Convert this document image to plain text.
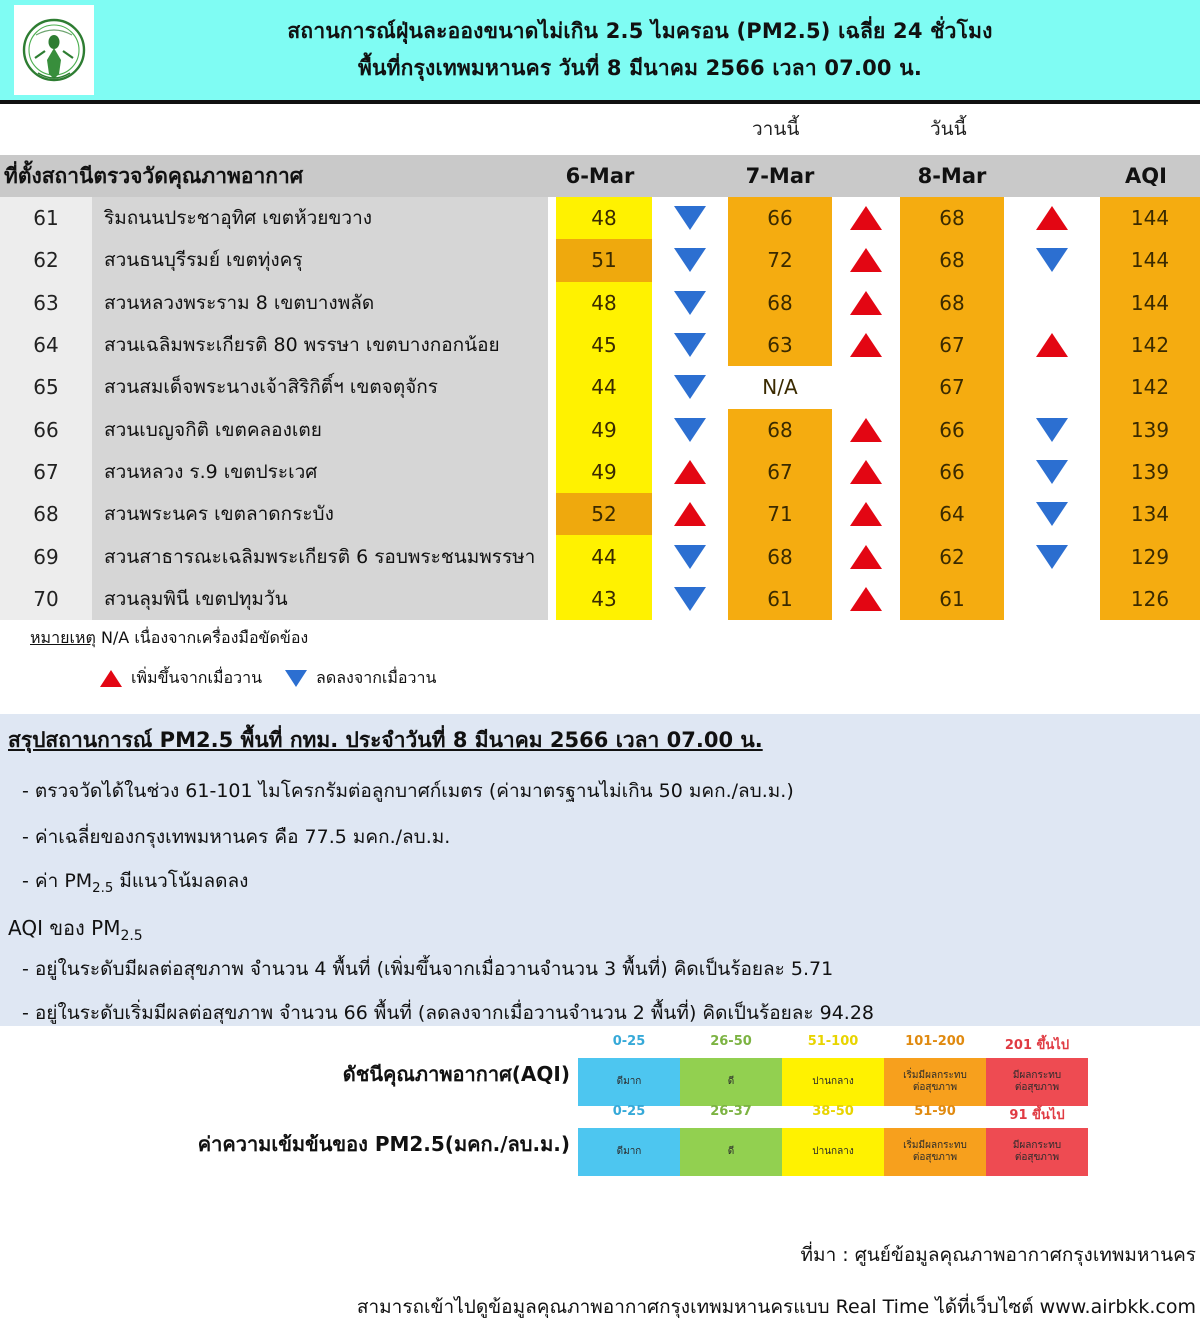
สถานการณ์ฝุ่นละอองขนาดไม่เกิน 2.5 ไมครอน (PM2.5) เฉลี่ย 24 ชั่วโมง
พื้นที่กรุงเทพมหานคร วันที่ 8 มีนาคม 2566 เวลา 07.00 น.
วานนี้	วันนี้
ที่ตั้งสถานีตรวจวัดคุณภาพอากาศ	6-Mar	7-Mar	8-Mar	AQI
61	ริมถนนประชาอุทิศ เขตห้วยขวาง	48	66	68	144
62	สวนธนบุรีรมย์ เขตทุ่งครุ	51	72	68	144
63	สวนหลวงพระราม 8 เขตบางพลัด	48	68	68	144
64	สวนเฉลิมพระเกียรติ 80 พรรษา เขตบางกอกน้อย	45	63	67	142
65	สวนสมเด็จพระนางเจ้าสิริกิติ์ฯ เขตจตุจักร	44	N/A	67	142
66	สวนเบญจกิติ เขตคลองเตย	49	68	66	139
67	สวนหลวง ร.9 เขตประเวศ	49	67	66	139
68	สวนพระนคร เขตลาดกระบัง	52	71	64	134
69	สวนสาธารณะเฉลิมพระเกียรติ 6 รอบพระชนมพรรษา	44	68	62	129
70	สวนลุมพินี เขตปทุมวัน	43	61	61	126
หมายเหตุ N/A เนื่องจากเครื่องมือขัดข้อง
เพิ่มขึ้นจากเมื่อวาน	ลดลงจากเมื่อวาน
สรุปสถานการณ์ PM2.5 พื้นที่ กทม. ประจำวันที่ 8 มีนาคม 2566 เวลา 07.00 น.
- ตรวจวัดได้ในช่วง 61-101 ไมโครกรัมต่อลูกบาศก์เมตร (ค่ามาตรฐานไม่เกิน 50 มคก./ลบ.ม.)
- ค่าเฉลี่ยของกรุงเทพมหานคร คือ 77.5 มคก./ลบ.ม.
- ค่า $PM_{2.5}$ มีแนวโน้มลดลง
AQI ของ $PM_{2.5}$
- อยู่ในระดับมีผลต่อสุขภาพ จำนวน 4 พื้นที่ (เพิ่มขึ้นจากเมื่อวานจำนวน 3 พื้นที่) คิดเป็นร้อยละ 5.71
- อยู่ในระดับเริ่มมีผลต่อสุขภาพ จำนวน 66 พื้นที่ (ลดลงจากเมื่อวานจำนวน 2 พื้นที่) คิดเป็นร้อยละ 94.28
ดัชนีคุณภาพอากาศ(AQI)
0-25	26-50	51-100	101-200	201 ขึ้นไป
ดีมาก	ดี	ปานกลาง
เริ่มมีผลกระทบ
ต่อสุขภาพ
มีผลกระทบ
ต่อสุขภาพ
ค่าความเข้มข้นของ PM2.5(มคก./ลบ.ม.)
0-25	26-37	38-50	51-90	91 ขึ้นไป
ดีมาก	ดี	ปานกลาง
เริ่มมีผลกระทบ
ต่อสุขภาพ
มีผลกระทบ
ต่อสุขภาพ
ที่มา : ศูนย์ข้อมูลคุณภาพอากาศกรุงเทพมหานคร
สามารถเข้าไปดูข้อมูลคุณภาพอากาศกรุงเทพมหานครแบบ Real Time ได้ที่เว็บไซต์ www.airbkk.com
